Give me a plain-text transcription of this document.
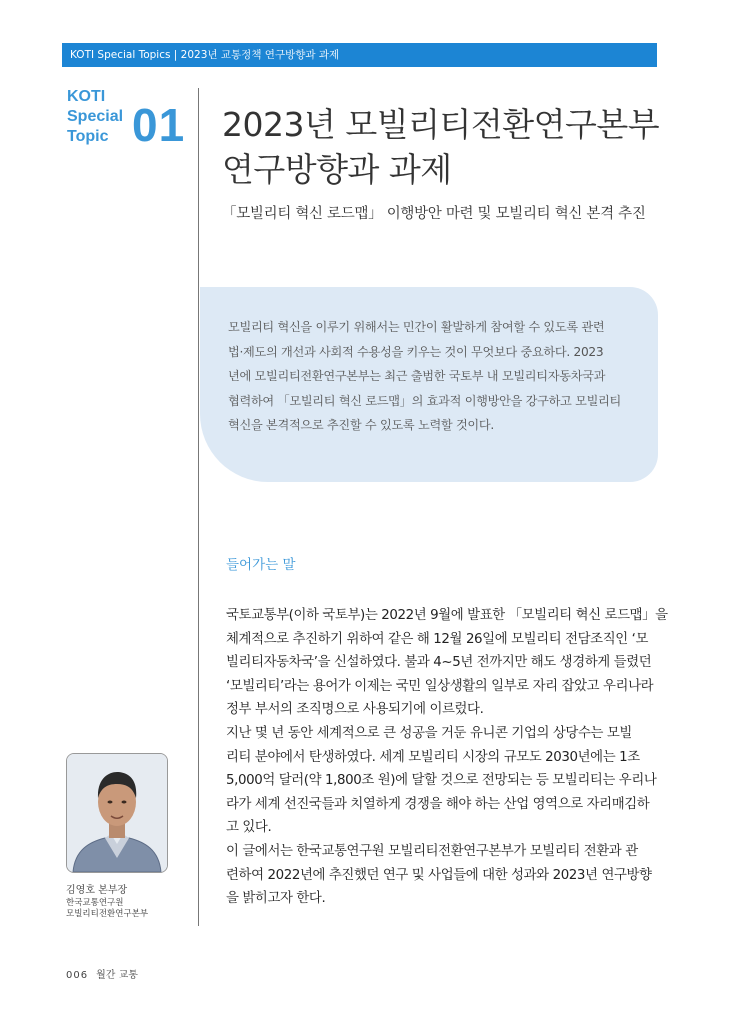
KOTI Special Topics | 2023년 교통정책 연구방향과 과제
KOTI
Special
Topic 01 2023년 모빌리티전환연구본부
연구방향과 과제
「모빌리티 혁신 로드맵」 이행방안 마련 및 모빌리티 혁신 본격 추진
모빌리티 혁신을 이루기 위해서는 민간이 활발하게 참여할 수 있도록 관련
법·제도의 개선과 사회적 수용성을 키우는 것이 무엇보다 중요하다. 2023
년에 모빌리티전환연구본부는 최근 출범한 국토부 내 모빌리티자동차국과
협력하여 「모빌리티 혁신 로드맵」의 효과적 이행방안을 강구하고 모빌리티
혁신을 본격적으로 추진할 수 있도록 노력할 것이다.
들어가는 말
국토교통부(이하 국토부)는 2022년 9월에 발표한 「모빌리티 혁신 로드맵」을
체계적으로 추진하기 위하여 같은 해 12월 26일에 모빌리티 전담조직인 ‘모
빌리티자동차국’을 신설하였다. 불과 4~5년 전까지만 해도 생경하게 들렸던
‘모빌리티’라는 용어가 이제는 국민 일상생활의 일부로 자리 잡았고 우리나라
정부 부서의 조직명으로 사용되기에 이르렀다.
지난 몇 년 동안 세계적으로 큰 성공을 거둔 유니콘 기업의 상당수는 모빌
리티 분야에서 탄생하였다. 세계 모빌리티 시장의 규모도 2030년에는 1조
5,000억 달러(약 1,800조 원)에 달할 것으로 전망되는 등 모빌리티는 우리나
라가 세계 선진국들과 치열하게 경쟁을 해야 하는 산업 영역으로 자리매김하
고 있다.
이 글에서는 한국교통연구원 모빌리티전환연구본부가 모빌리티 전환과 관
련하여 2022년에 추진했던 연구 및 사업들에 대한 성과와 2023년 연구방향
을 밝히고자 한다.
김영호 본부장
한국교통연구원
모빌리티전환연구본부
006 월간 교통
